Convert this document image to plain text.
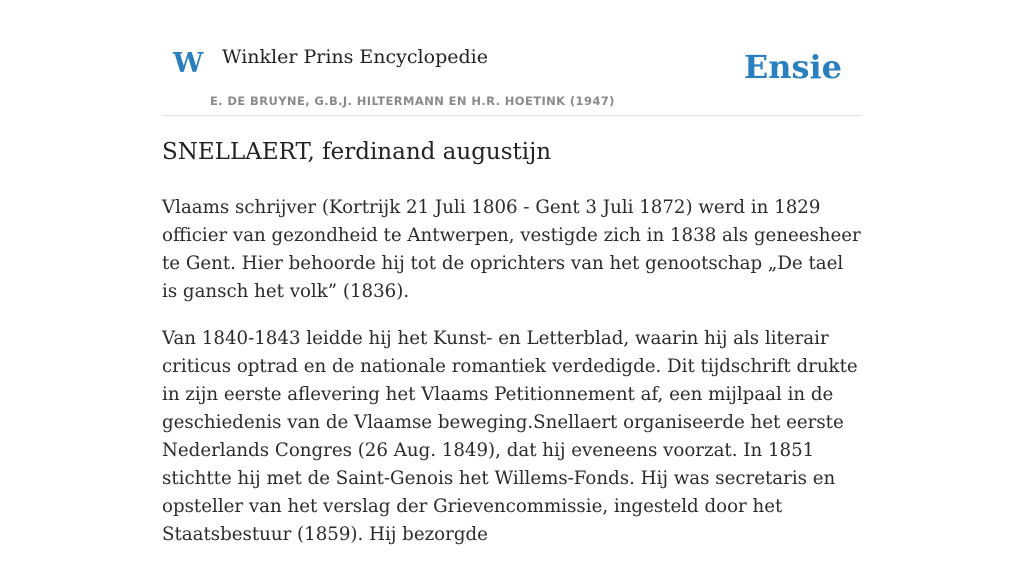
W Winkler Prins Encyclopedie
E. DE BRUYNE, G.B.J. HILTERMANN EN H.R. HOETINK (1947)
Ensie
SNELLAERT, ferdinand augustijn

Vlaams schrijver (Kortrijk 21 Juli 1806 - Gent 3 Juli 1872) werd in 1829 officier van gezondheid te Antwerpen, vestigde zich in 1838 als geneesheer te Gent. Hier behoorde hij tot de oprichters van het genootschap „De tael is gansch het volk” (1836).

Van 1840-1843 leidde hij het Kunst- en Letterblad, waarin hij als literair criticus optrad en de nationale romantiek verdedigde. Dit tijdschrift drukte in zijn eerste aflevering het Vlaams Petitionnement af, een mijlpaal in de geschiedenis van de Vlaamse beweging.Snellaert organiseerde het eerste Nederlands Congres (26 Aug. 1849), dat hij eveneens voorzat. In 1851 stichtte hij met de Saint-Genois het Willems-Fonds. Hij was secretaris en opsteller van het verslag der Grievencommissie, ingesteld door het Staatsbestuur (1859). Hij bezorgde
